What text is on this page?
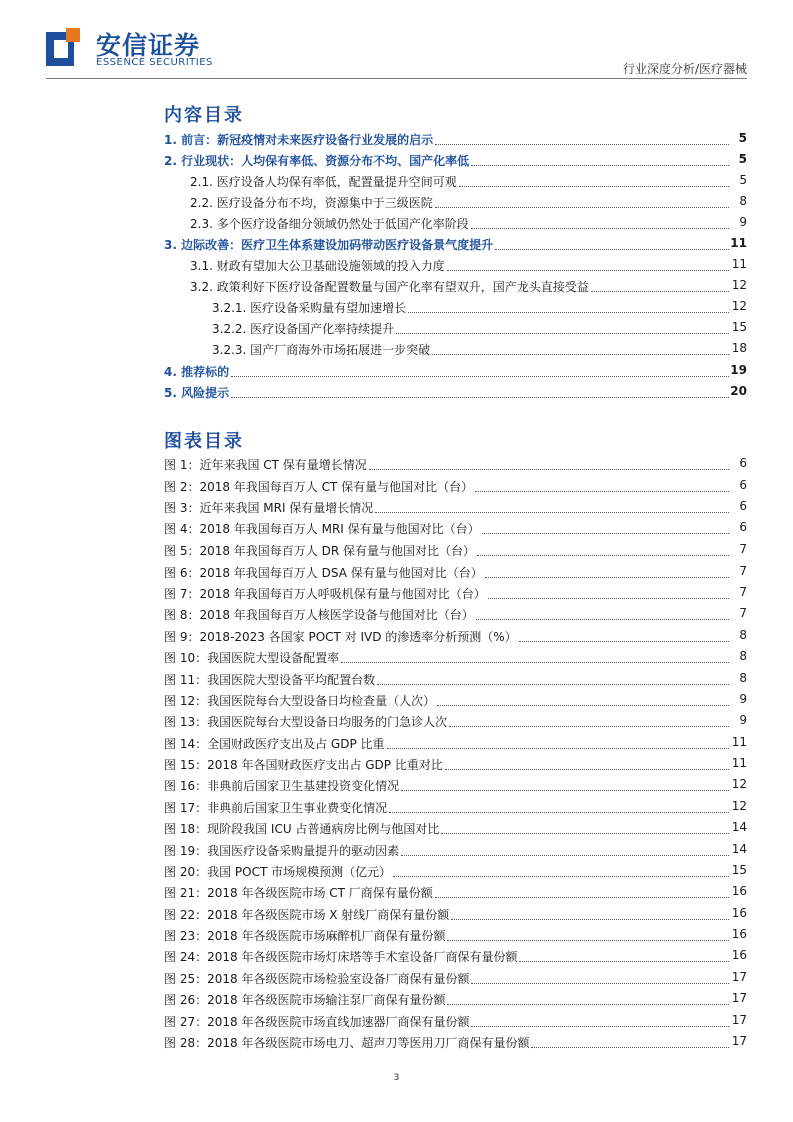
安信证券
ESSENCE SECURITIES	行业深度分析/医疗器械
内容目录
1. 前言：新冠疫情对未来医疗设备行业发展的启示	5
2. 行业现状：人均保有率低、资源分布不均、国产化率低	5
2.1. 医疗设备人均保有率低，配置量提升空间可观	5
2.2. 医疗设备分布不均，资源集中于三级医院	8
2.3. 多个医疗设备细分领域仍然处于低国产化率阶段	9
3. 边际改善：医疗卫生体系建设加码带动医疗设备景气度提升	11
3.1. 财政有望加大公卫基础设施领域的投入力度	11
3.2. 政策利好下医疗设备配置数量与国产化率有望双升，国产龙头直接受益	12
3.2.1. 医疗设备采购量有望加速增长	12
3.2.2. 医疗设备国产化率持续提升	15
3.2.3. 国产厂商海外市场拓展进一步突破	18
4. 推荐标的	19
5. 风险提示	20
图表目录
图 1：近年来我国 CT 保有量增长情况	6
图 2：2018 年我国每百万人 CT 保有量与他国对比（台）	6
图 3：近年来我国 MRI 保有量增长情况	6
图 4：2018 年我国每百万人 MRI 保有量与他国对比（台）	6
图 5：2018 年我国每百万人 DR 保有量与他国对比（台）	7
图 6：2018 年我国每百万人 DSA 保有量与他国对比（台）	7
图 7：2018 年我国每百万人呼吸机保有量与他国对比（台）	7
图 8：2018 年我国每百万人核医学设备与他国对比（台）	7
图 9：2018-2023 各国家 POCT 对 IVD 的渗透率分析预测（%）	8
图 10：我国医院大型设备配置率	8
图 11：我国医院大型设备平均配置台数	8
图 12：我国医院每台大型设备日均检查量（人次）	9
图 13：我国医院每台大型设备日均服务的门急诊人次	9
图 14：全国财政医疗支出及占 GDP 比重	11
图 15：2018 年各国财政医疗支出占 GDP 比重对比	11
图 16：非典前后国家卫生基建投资变化情况	12
图 17：非典前后国家卫生事业费变化情况	12
图 18：现阶段我国 ICU 占普通病房比例与他国对比	14
图 19：我国医疗设备采购量提升的驱动因素	14
图 20：我国 POCT 市场规模预测（亿元）	15
图 21：2018 年各级医院市场 CT 厂商保有量份额	16
图 22：2018 年各级医院市场 X 射线厂商保有量份额	16
图 23：2018 年各级医院市场麻醉机厂商保有量份额	16
图 24：2018 年各级医院市场灯床塔等手术室设备厂商保有量份额	16
图 25：2018 年各级医院市场检验室设备厂商保有量份额	17
图 26：2018 年各级医院市场输注泵厂商保有量份额	17
图 27：2018 年各级医院市场直线加速器厂商保有量份额	17
图 28：2018 年各级医院市场电刀、超声刀等医用刀厂商保有量份额	17
3
